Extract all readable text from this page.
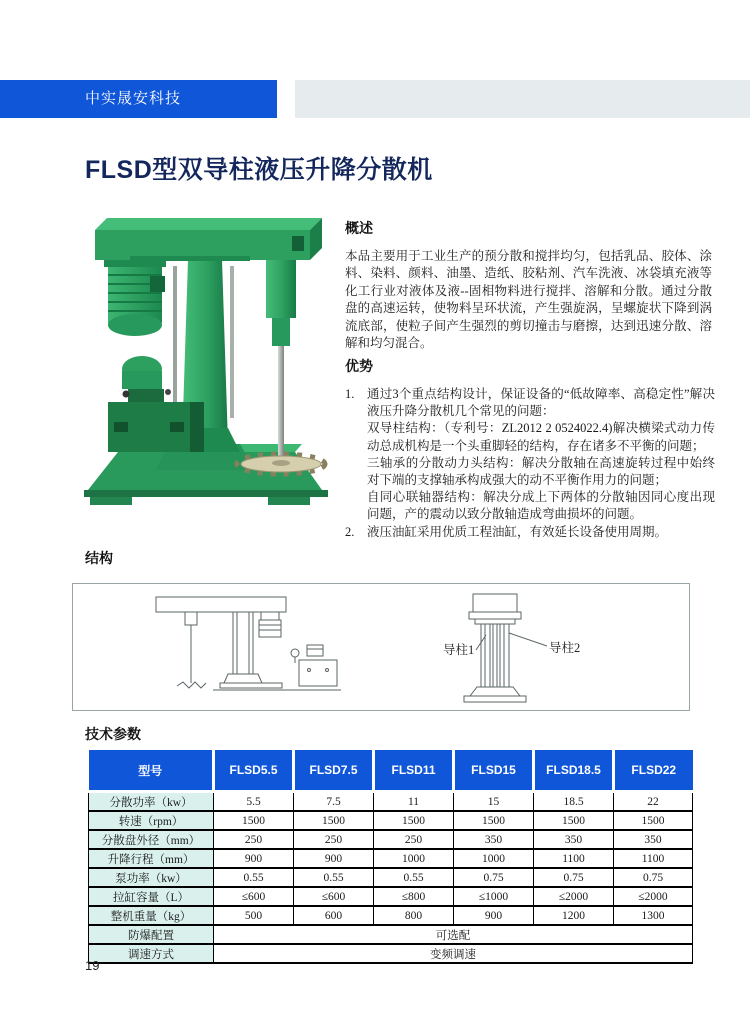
中实晟安科技
FLSD型双导柱液压升降分散机
概述

本品主要用于工业生产的预分散和搅拌均匀，包括乳品、胶体、涂料、染料、颜料、油墨、造纸、胶粘剂、汽车洗液、冰袋填充液等化工行业对液体及液--固相物料进行搅拌、溶解和分散。通过分散盘的高速运转，使物料呈环状流，产生强旋涡，呈螺旋状下降到涡流底部，使粒子间产生强烈的剪切撞击与磨擦，达到迅速分散、溶解和均匀混合。

优势
1.	通过3个重点结构设计，保证设备的“低故障率、高稳定性”解决液压升降分散机几个常见的问题：
双导柱结构：（专利号：ZL2012 2 0524022.4)解决横梁式动力传动总成机构是一个头重脚轻的结构，存在诸多不平衡的问题；
三轴承的分散动力头结构：解决分散轴在高速旋转过程中始终对下端的支撑轴承构成强大的动不平衡作用力的问题；
自同心联轴器结构：解决分成上下两体的分散轴因同心度出现问题，产的震动以致分散轴造成弯曲损坏的问题。
2.	液压油缸采用优质工程油缸，有效延长设备使用周期。
结构
导柱1	导柱2
技术参数
型号	FLSD5.5	FLSD7.5	FLSD11	FLSD15	FLSD18.5	FLSD22
分散功率（kw）	5.5	7.5	11	15	18.5	22
转速（rpm）	1500	1500	1500	1500	1500	1500
分散盘外径（mm）	250	250	250	350	350	350
升降行程（mm）	900	900	1000	1000	1100	1100
泵功率（kw）	0.55	0.55	0.55	0.75	0.75	0.75
拉缸容量（L）	≤600	≤600	≤800	≤1000	≤2000	≤2000
整机重量（kg）	500	600	800	900	1200	1300
防爆配置	可选配					
调速方式	变频调速					
19
